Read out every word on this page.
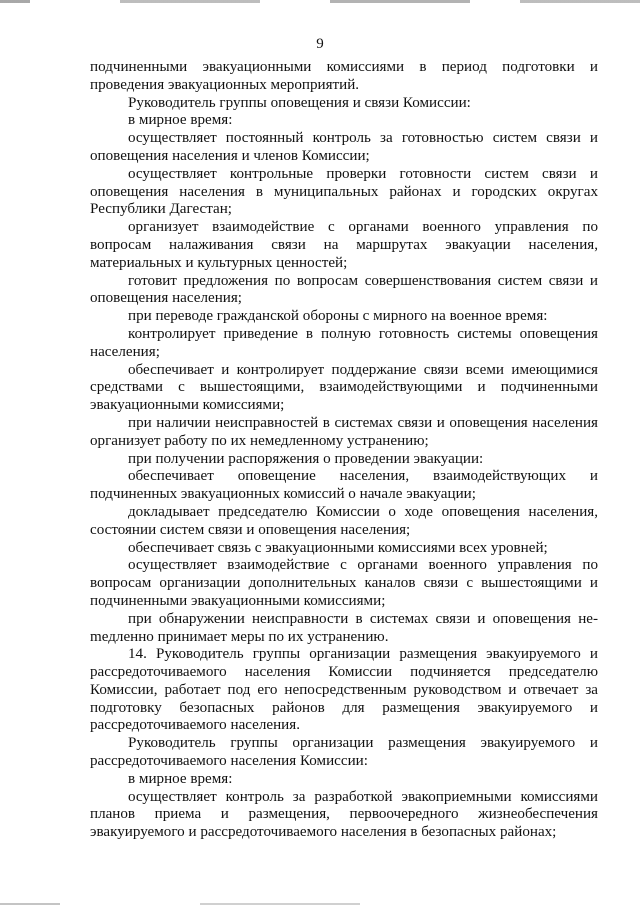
9

подчиненными эвакуационными комиссиями в период подготовки и проведения эвакуационных мероприятий.

Руководитель группы оповещения и связи Комиссии:

в мирное время:

осуществляет постоянный контроль за готовностью систем связи и оповещения населения и членов Комиссии;

осуществляет контрольные проверки готовности систем связи и оповещения населения в муниципальных районах и городских округах Республики Дагестан;

организует взаимодействие с органами военного управления по вопросам налаживания связи на маршрутах эвакуации населения, материальных и культурных ценностей;

готовит предложения по вопросам совершенствования систем связи и оповещения населения;

при переводе гражданской обороны с мирного на военное время:

контролирует приведение в полную готовность системы оповещения населения;

обеспечивает и контролирует поддержание связи всеми имеющимися средствами с вышестоящими, взаимодействующими и подчиненными эвакуационными комиссиями;

при наличии неисправностей в системах связи и оповещения населения организует работу по их немедленному устранению;

при получении распоряжения о проведении эвакуации:

обеспечивает оповещение населения, взаимодействующих и подчиненных эвакуационных комиссий о начале эвакуации;

докладывает председателю Комиссии о ходе оповещения населения, состоянии систем связи и оповещения населения;

обеспечивает связь с эвакуационными комиссиями всех уровней;

осуществляет взаимодействие с органами военного управления по вопросам организации дополнительных каналов связи с вышестоящими и подчиненными эвакуационными комиссиями;

при обнаружении неисправности в системах связи и оповещения неmедленно принимает меры по их устранению.

14. Руководитель группы организации размещения эвакуируемого и рассредоточиваемого населения Комиссии подчиняется председателю Комиссии, работает под его непосредственным руководством и отвечает за подготовку безопасных районов для размещения эвакуируемого и рассредоточиваемого населения.

Руководитель группы организации размещения эвакуируемого и рассредоточиваемого населения Комиссии:

в мирное время:

осуществляет контроль за разработкой эвакоприемными комиссиями планов приема и размещения, первоочередного жизнеобеспечения эвакуируемого и рассредоточиваемого населения в безопасных районах;
